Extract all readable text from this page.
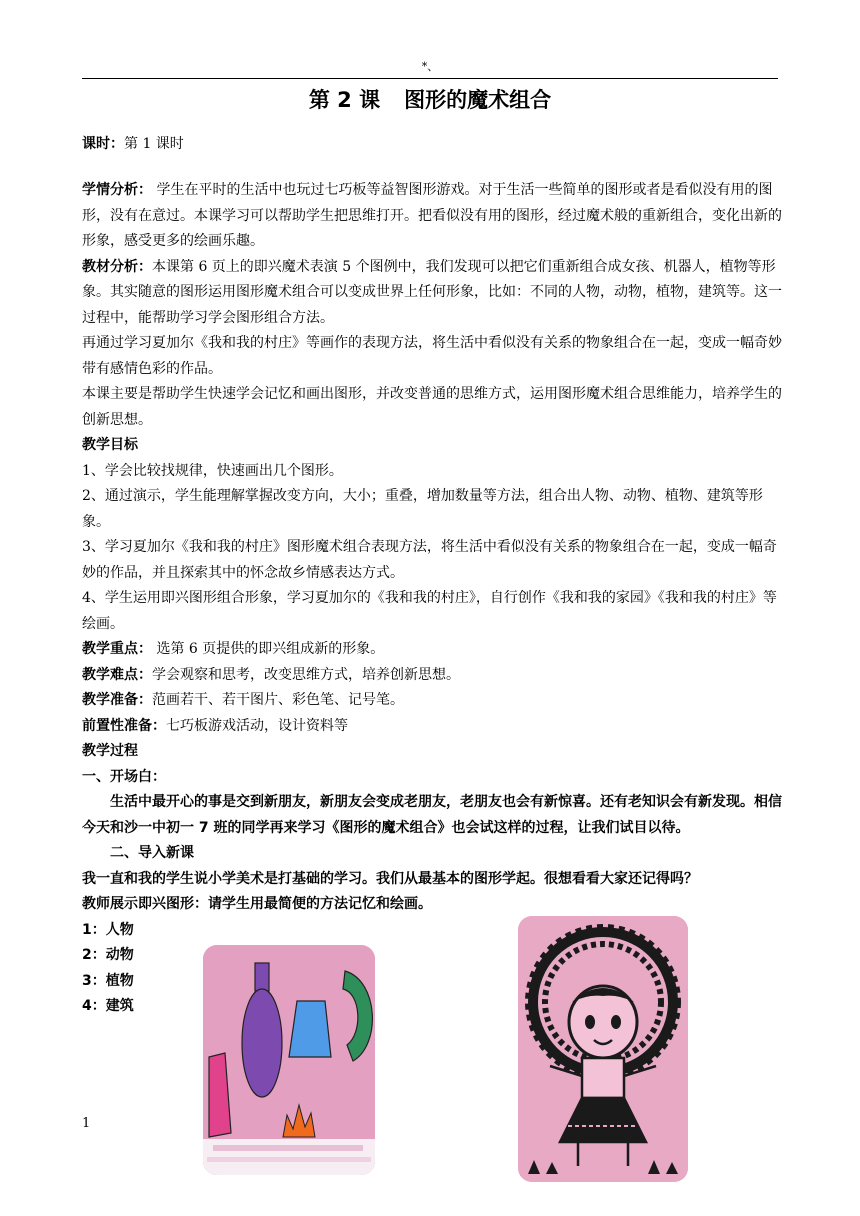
*、
第 2 课 图形的魔术组合

课时：第 1 课时

学情分析： 学生在平时的生活中也玩过七巧板等益智图形游戏。对于生活一些简单的图形或者是看似没有用的图形，没有在意过。本课学习可以帮助学生把思维打开。把看似没有用的图形，经过魔术般的重新组合，变化出新的形象，感受更多的绘画乐趣。

教材分析：本课第 6 页上的即兴魔术表演 5 个图例中，我们发现可以把它们重新组合成女孩、机器人，植物等形象。其实随意的图形运用图形魔术组合可以变成世界上任何形象，比如：不同的人物，动物，植物，建筑等。这一过程中，能帮助学习学会图形组合方法。

再通过学习夏加尔《我和我的村庄》等画作的表现方法，将生活中看似没有关系的物象组合在一起，变成一幅奇妙带有感情色彩的作品。

本课主要是帮助学生快速学会记忆和画出图形，并改变普通的思维方式，运用图形魔术组合思维能力，培养学生的创新思想。

教学目标

1、学会比较找规律，快速画出几个图形。

2、通过演示，学生能理解掌握改变方向，大小；重叠，增加数量等方法，组合出人物、动物、植物、建筑等形象。

3、学习夏加尔《我和我的村庄》图形魔术组合表现方法，将生活中看似没有关系的物象组合在一起，变成一幅奇妙的作品，并且探索其中的怀念故乡情感表达方式。

4、学生运用即兴图形组合形象，学习夏加尔的《我和我的村庄》，自行创作《我和我的家园》《我和我的村庄》等绘画。

教学重点： 选第 6 页提供的即兴组成新的形象。

教学难点：学会观察和思考，改变思维方式，培养创新思想。

教学准备：范画若干、若干图片、彩色笔、记号笔。

前置性准备：七巧板游戏活动，设计资料等

教学过程

一、开场白：

生活中最开心的事是交到新朋友，新朋友会变成老朋友，老朋友也会有新惊喜。还有老知识会有新发现。相信今天和沙一中初一 7 班的同学再来学习《图形的魔术组合》也会试这样的过程，让我们试目以待。

二、导入新课

我一直和我的学生说小学美术是打基础的学习。我们从最基本的图形学起。很想看看大家还记得吗？

教师展示即兴图形：请学生用最简便的方法记忆和绘画。

1：人物

2：动物

3：植物

4：建筑

1
